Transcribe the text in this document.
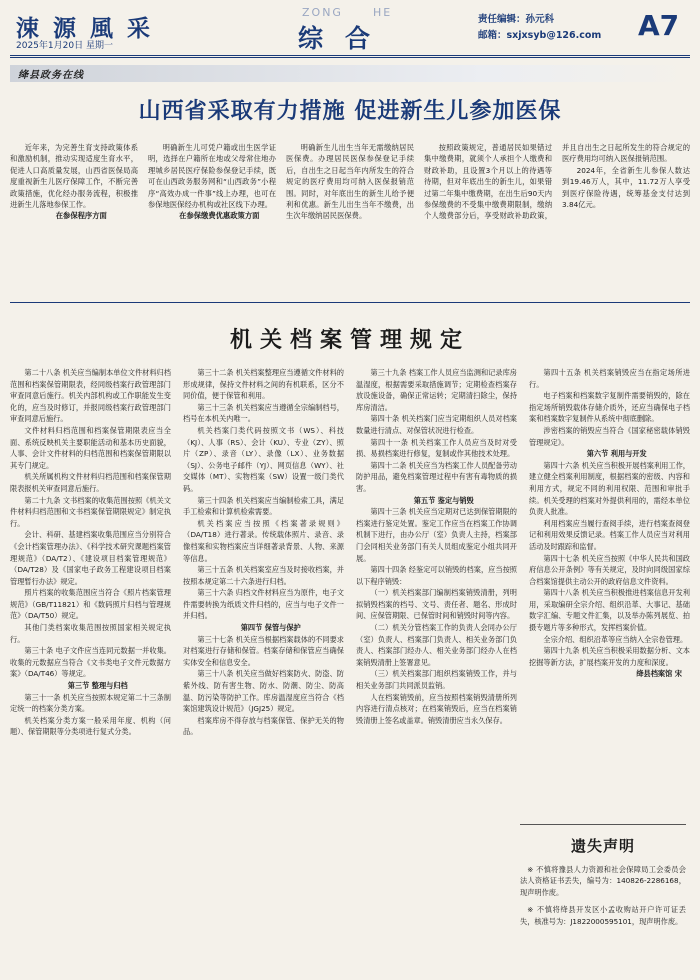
涑 源 風 采
2025年1月20日 星期一
ZONG	HE
综合
责任编辑：孙元科
邮箱：sxjxsyb@126.com A7
绛县政务在线
山西省采取有力措施 促进新生儿参加医保

近年来，为完善生育支持政策体系和激励机制，推动实现适度生育水平，促进人口高质量发展，山西省医保局高度重视新生儿医疗保障工作，不断完善政策措施，优化经办服务流程，积极推进新生儿落地参保工作。

在参保程序方面

明确新生儿可凭户籍或出生医学证明，选择在户籍所在地或父母常住地办理城乡居民医疗保险参保登记手续，既可在山西政务服务网和“山西政务”小程序“高效办成一件事”线上办理，也可在参保地医保经办机构或社区线下办理。

在参保缴费优惠政策方面

明确新生儿出生当年无需缴纳居民医保费。办理居民医保参保登记手续后，自出生之日起当年内所发生的符合规定的医疗费用均可纳入医保报销范围。同时，对年底出生的新生儿给予便利和优惠。新生儿出生当年不缴费，出生次年缴纳居民医保费。

按照政策规定，普通居民如果错过集中缴费期，就须个人承担个人缴费和财政补助，且设置3个月以上的待遇等待期，但对年底出生的新生儿，如果错过第二年集中缴费期，在出生后90天内参保缴费的不受集中缴费期限制，缴纳个人缴费部分后，享受财政补助政策，并且自出生之日起所发生的符合规定的医疗费用均可纳入医保报销范围。

2024年，全省新生儿参保人数达到19.46万人，其中，11.72万人享受到医疗保险待遇，统筹基金支付达到3.84亿元。

机关档案管理规定

第二十八条 机关应当编制本单位文件材料归档范围和档案保管期限表，经同级档案行政管理部门审查同意后施行。机关内部机构或工作职能发生变化的，应当及时修订，并报同级档案行政管理部门审查同意后施行。

文件材料归档范围和档案保管期限表应当全面、系统反映机关主要职能活动和基本历史面貌，人事、会计文件材料的归档范围和档案保管期限以其专门规定。

机关所属机构文件材料归档范围和档案保管期限表报机关审查同意后施行。

第二十九条 文书档案的收集范围按照《机关文件材料归档范围和文书档案保管期限规定》制定执行。

会计、科研、基建档案收集范围应当分别符合《会计档案管理办法》、《科学技术研究课题档案管理规范》（DA/T2）、《建设项目档案管理规范》（DA/T28）及《国家电子政务工程建设项目档案管理暂行办法》规定。

照片档案的收集范围应当符合《照片档案管理规范》（GB/T11821）和《数码照片归档与管理规范》（DA/T50）规定。

其他门类档案收集范围按照国家相关规定执行。

第三十条 电子文件应当连同元数据一并收集。收集的元数据应当符合《文书类电子文件元数据方案》（DA/T46）等规定。

第三节 整理与归档

第三十一条 机关应当按照本规定第二十三条制定统一的档案分类方案。

机关档案分类方案一般采用年度、机构（问题）、保管期限等分类项进行复式分类。

第三十二条 机关档案整理应当遵循文件材料的形成规律，保持文件材料之间的有机联系，区分不同价值，便于保管和利用。

第三十三条 机关档案应当遵循全宗编制档号，档号在本机关内唯一。

机关档案门类代码按照文书（WS）、科技（KJ）、人事（RS）、会计（KU）、专业（ZY）、照片（ZP）、录音（LY）、录像（LX）、业务数据（SJ）、公务电子邮件（YJ）、网页信息（WY）、社交媒体（MT）、实物档案（SW）设置一级门类代码。

第三十四条 机关档案应当编制检索工具，满足手工检索和计算机检索需要。

机关档案应当按照《档案著录规则》（DA/T18）进行著录。传统载体照片、录音、录像档案和实物档案应当详细著录背景、人物、来源等信息。

第三十五条 机关档案室应当及时接收档案，并按照本规定第二十六条进行归档。

第三十六条 归档文件材料应当为原件，电子文件需要转换为纸质文件归档的，应当与电子文件一并归档。

第四节 保管与保护

第三十七条 机关应当根据档案载体的不同要求对档案进行存储和保管。档案存储和保管应当确保实体安全和信息安全。

第三十八条 机关应当做好档案防火、防盗、防紫外线、防有害生物、防水、防潮、防尘、防高温、防污染等防护工作。库房温湿度应当符合《档案馆建筑设计规范》（JGJ25）规定。

档案库房不得存放与档案保管、保护无关的物品。

第三十九条 档案工作人员应当监测和记录库房温湿度，根据需要采取措施调节；定期检查档案存放设施设备，确保正常运转；定期清扫除尘，保持库房清洁。

第四十条 机关档案门应当定期组织人员对档案数量进行清点、对保管状况进行检查。

第四十一条 机关档案工作人员应当及时对受损、易损档案进行修复，复制或作其他技术处理。

第四十二条 机关应当为档案工作人员配备劳动防护用品，避免档案管理过程中有害有毒物质的损害。

第五节 鉴定与销毁

第四十三条 机关应当定期对已达到保管期限的档案进行鉴定处置。鉴定工作应当在档案工作协调机制下进行，由办公厅（室）负责人主持，档案部门会同相关业务部门有关人员组成鉴定小组共同开展。

第四十四条 经鉴定可以销毁的档案，应当按照以下程序销毁：

（一）机关档案部门编制档案销毁清册，列明拟销毁档案的档号、文号、责任者、题名、形成时间、应保管期限、已保管时间和销毁时间等内容。

（二）机关分管档案工作的负责人会同办公厅（室）负责人、档案部门负责人、相关业务部门负责人、档案部门经办人、相关业务部门经办人在档案销毁清册上签署意见。

（三）机关档案部门组织档案销毁工作，并与相关业务部门共同派员监销。

人在档案销毁前，应当按照档案销毁清册所列内容进行清点核对；在档案销毁后，应当在档案销毁清册上签名或盖章。销毁清册应当永久保存。

第四十五条 机关档案销毁应当在指定场所进行。

电子档案和档案数字复制件需要销毁的，除在指定场所销毁载体存储介质外，还应当确保电子档案和档案数字复制件从系统中彻底删除。

涉密档案的销毁应当符合《国家秘密载体销毁管理规定》。

第六节 利用与开发

第四十六条 机关应当积极开展档案利用工作，建立健全档案利用制度，根据档案的密级、内容和利用方式，规定不同的利用权限、范围和审批手续。机关受理的档案对外提供利用的，需经本单位负责人批准。

利用档案应当履行查阅手续，进行档案查阅登记和利用效果反馈记录。档案工作人员应当对利用活动及时跟踪和监督。

第四十七条 机关应当按照《中华人民共和国政府信息公开条例》等有关规定，及时向同级国家综合档案馆提供主动公开的政府信息文件资料。

第四十八条 机关应当积极推进档案信息开发利用，采取编研全宗介绍、组织沿革、大事记、基础数字汇编、专题文件汇集，以及举办陈列展览、拍摄专题片等多种形式，发挥档案价值。

全宗介绍、组织沿革等应当纳入全宗卷管理。

第四十九条 机关应当积极采用数据分析、文本挖掘等新方法，扩展档案开发的力度和深度。

绛县档案馆 宋

遗失声明

※ 不慎将豫县人力资源和社会保障局工会委员会法人资格证书丢失，编号为：140826-2286168，现声明作废。

※ 不慎将绛县开发区小孟收购站开户许可证丢失，核准号为：J1822000595101，现声明作废。
